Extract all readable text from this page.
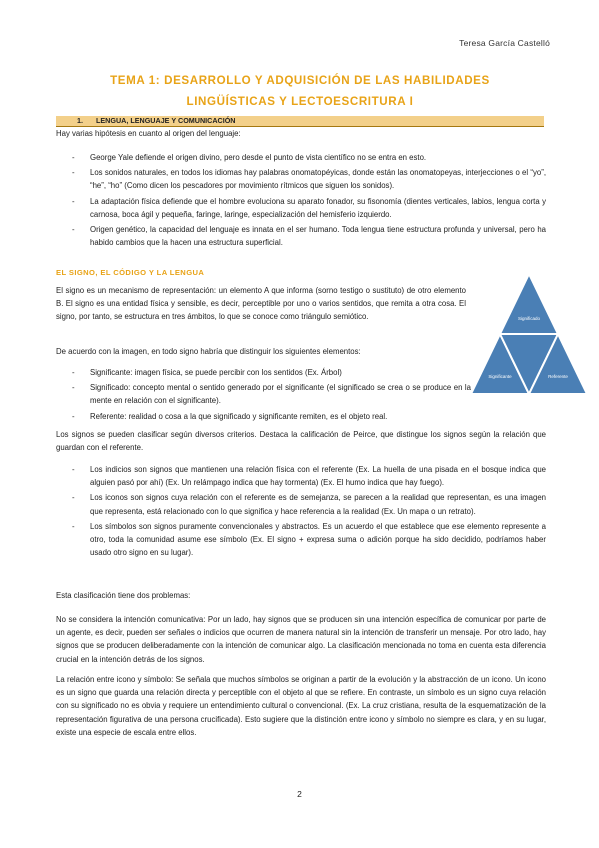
Teresa García Castelló
TEMA 1: DESARROLLO Y ADQUISICIÓN DE LAS HABILIDADES
LINGÜÍSTICAS Y LECTOESCRITURA I
1. LENGUA, LENGUAJE Y COMUNICACIÓN
Hay varias hipótesis en cuanto al origen del lenguaje:
- George Yale defiende el origen divino, pero desde el punto de vista científico no se entra en esto.
- Los sonidos naturales, en todos los idiomas hay palabras onomatopéyicas, donde están las onomatopeyas, interjecciones o el “yo”, “he”, “ho” (Como dicen los pescadores por movimiento rítmicos que siguen los sonidos).
- La adaptación física defiende que el hombre evoluciona su aparato fonador, su fisonomía (dientes verticales, labios, lengua corta y carnosa, boca ágil y pequeña, faringe, laringe, especialización del hemisferio izquierdo.
- Origen genético, la capacidad del lenguaje es innata en el ser humano. Toda lengua tiene estructura profunda y universal, pero ha habido cambios que la hacen una estructura superficial.
EL SIGNO, EL CÓDIGO Y LA LENGUA
El signo es un mecanismo de representación: un elemento A que informa (sorno testigo o sustituto) de otro elemento B. El signo es una entidad física y sensible, es decir, perceptible por uno o varios sentidos, que remita a otra cosa. El signo, por tanto, se estructura en tres ámbitos, lo que se conoce como triángulo semiótico.	Significado
Significante	Referente
De acuerdo con la imagen, en todo signo habría que distinguir los siguientes elementos:
- Significante: imagen física, se puede percibir con los sentidos (Ex. Árbol)
- Significado: concepto mental o sentido generado por el significante (el significado se crea o se produce en la mente en relación con el significante).
- Referente: realidad o cosa a la que significado y significante remiten, es el objeto real.
Los signos se pueden clasificar según diversos criterios. Destaca la calificación de Peirce, que distingue los signos según la relación que guardan con el referente.
- Los indicios son signos que mantienen una relación física con el referente (Ex. La huella de una pisada en el bosque indica que alguien pasó por ahí) (Ex. Un relámpago indica que hay tormenta) (Ex. El humo indica que hay fuego).
- Los iconos son signos cuya relación con el referente es de semejanza, se parecen a la realidad que representan, es una imagen que representa, está relacionado con lo que significa y hace referencia a la realidad (Ex. Un mapa o un retrato).
- Los símbolos son signos puramente convencionales y abstractos. Es un acuerdo el que establece que ese elemento represente a otro, toda la comunidad asume ese símbolo (Ex. El signo + expresa suma o adición porque ha sido decidido, podríamos haber usado otro signo en su lugar).
Esta clasificación tiene dos problemas:
No se considera la intención comunicativa: Por un lado, hay signos que se producen sin una intención específica de comunicar por parte de un agente, es decir, pueden ser señales o indicios que ocurren de manera natural sin la intención de transferir un mensaje. Por otro lado, hay signos que se producen deliberadamente con la intención de comunicar algo. La clasificación mencionada no toma en cuenta esta diferencia crucial en la intención detrás de los signos.
La relación entre icono y símbolo: Se señala que muchos símbolos se originan a partir de la evolución y la abstracción de un icono. Un icono es un signo que guarda una relación directa y perceptible con el objeto al que se refiere. En contraste, un símbolo es un signo cuya relación con su significado no es obvia y requiere un entendimiento cultural o convencional. (Ex. La cruz cristiana, resulta de la esquematización de la representación figurativa de una persona crucificada). Esto sugiere que la distinción entre icono y símbolo no siempre es clara, y en su lugar, existe una especie de escala entre ellos.
2
